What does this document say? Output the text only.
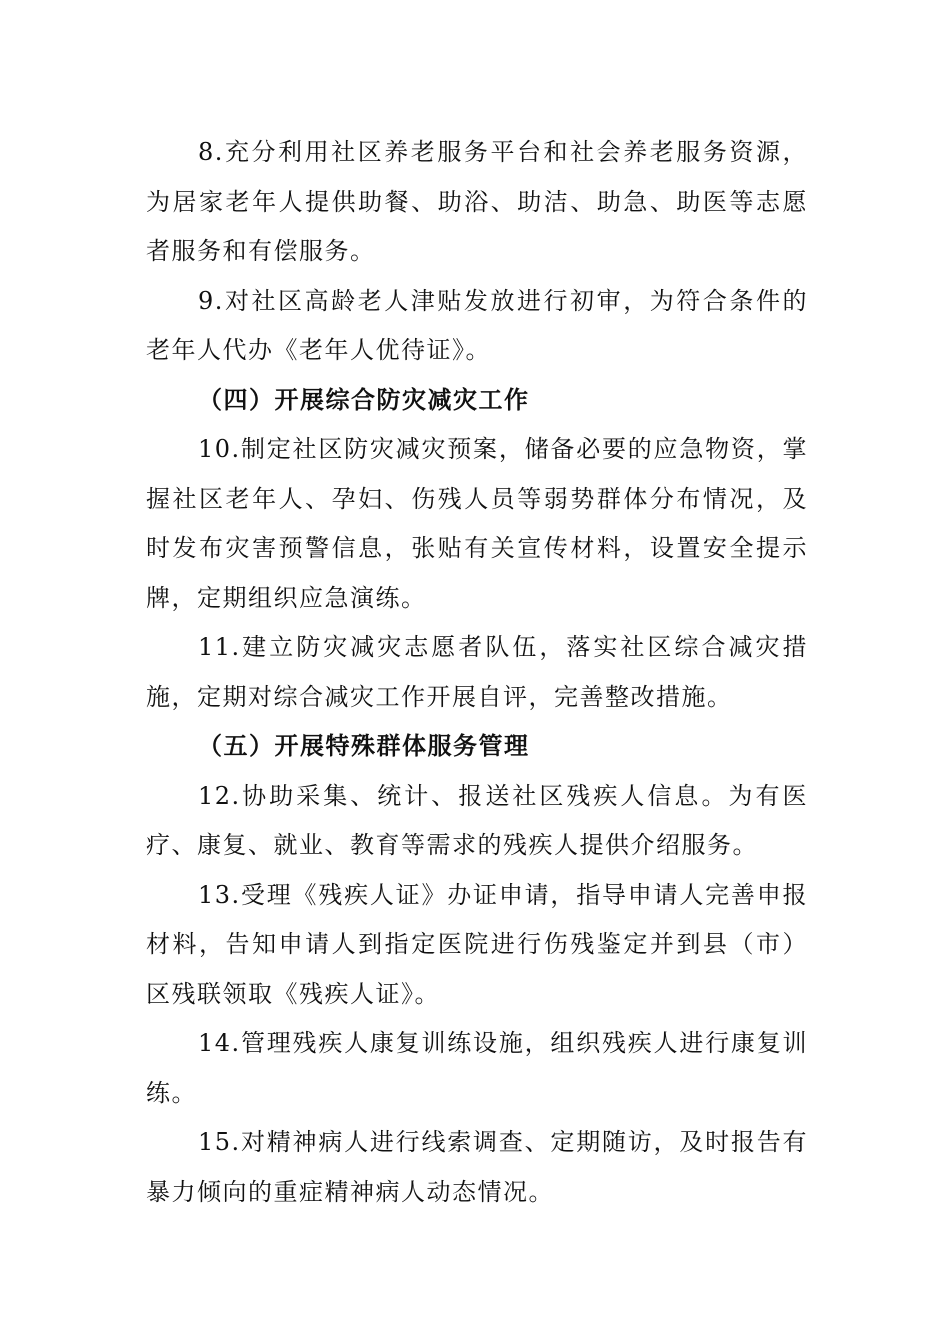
8.充分利用社区养老服务平台和社会养老服务资源，为居家老年人提供助餐、助浴、助洁、助急、助医等志愿者服务和有偿服务。

9.对社区高龄老人津贴发放进行初审，为符合条件的老年人代办《老年人优待证》。

（四）开展综合防灾减灾工作

10.制定社区防灾减灾预案，储备必要的应急物资，掌握社区老年人、孕妇、伤残人员等弱势群体分布情况，及时发布灾害预警信息，张贴有关宣传材料，设置安全提示牌，定期组织应急演练。

11.建立防灾减灾志愿者队伍，落实社区综合减灾措施，定期对综合减灾工作开展自评，完善整改措施。

（五）开展特殊群体服务管理

12.协助采集、统计、报送社区残疾人信息。为有医疗、康复、就业、教育等需求的残疾人提供介绍服务。

13.受理《残疾人证》办证申请，指导申请人完善申报材料，告知申请人到指定医院进行伤残鉴定并到县（市）区残联领取《残疾人证》。

14.管理残疾人康复训练设施，组织残疾人进行康复训练。

15.对精神病人进行线索调查、定期随访，及时报告有暴力倾向的重症精神病人动态情况。
